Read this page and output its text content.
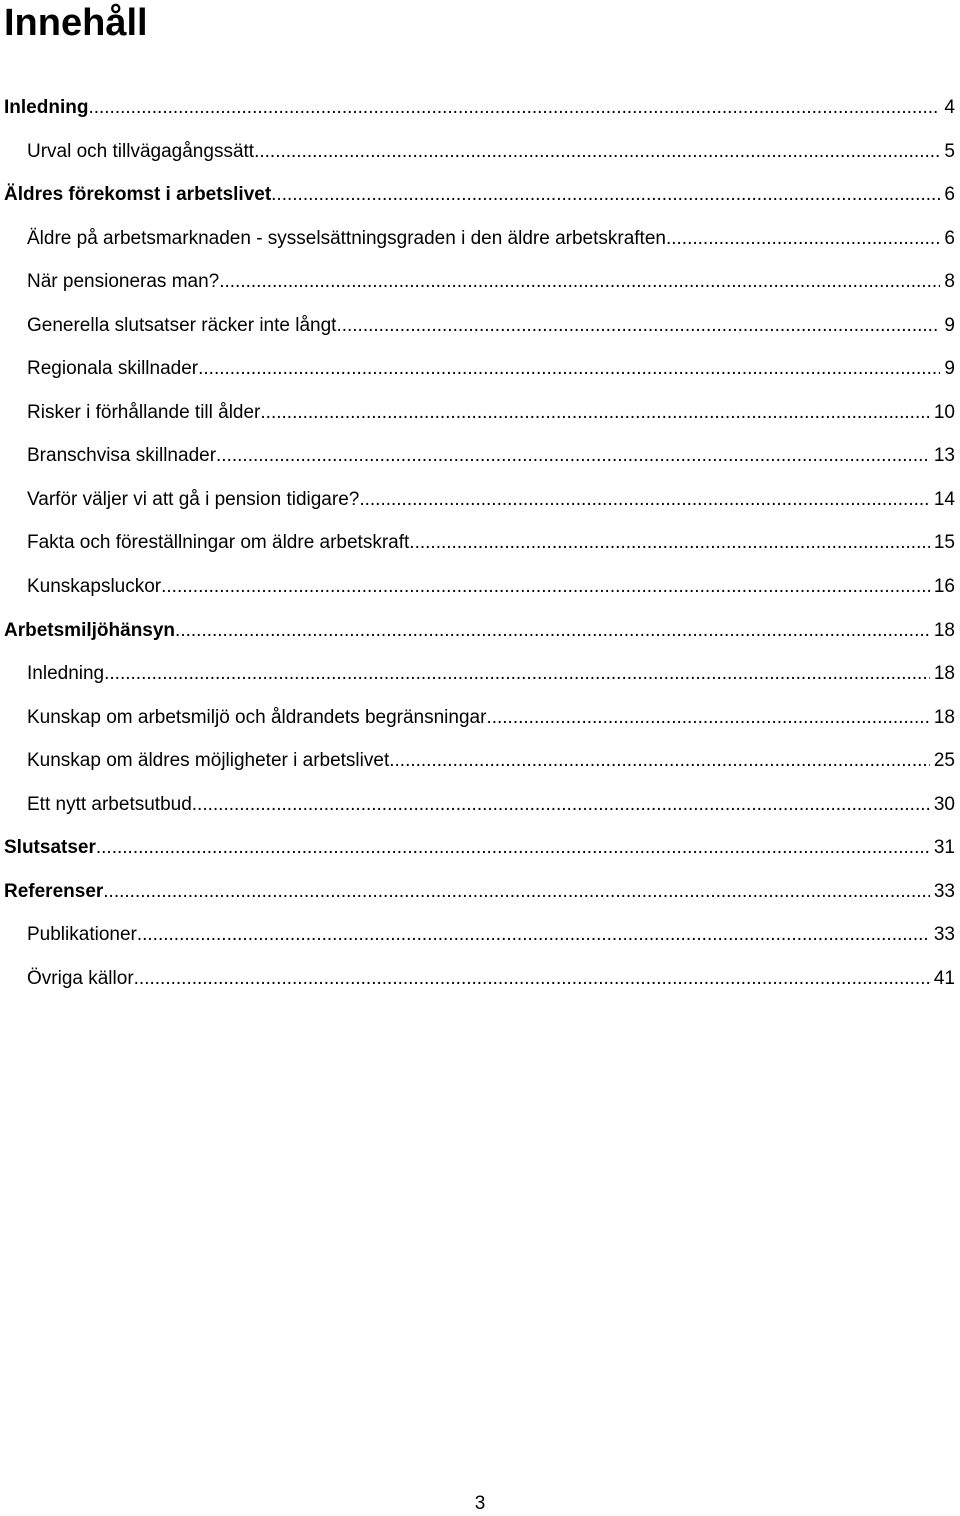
Innehåll
Inledning .....	4
Urval och tillvägagångssätt .....	5
Äldres förekomst i arbetslivet .....	6
Äldre på arbetsmarknaden - sysselsättningsgraden i den äldre arbetskraften .....	6
När pensioneras man? .....	8
Generella slutsatser räcker inte långt .....	9
Regionala skillnader .....	9
Risker i förhållande till ålder .....	10
Branschvisa skillnader .....	13
Varför väljer vi att gå i pension tidigare? .....	14
Fakta och föreställningar om äldre arbetskraft .....	15
Kunskapsluckor .....	16
Arbetsmiljöhänsyn .....	18
Inledning .....	18
Kunskap om arbetsmiljö och åldrandets begränsningar .....	18
Kunskap om äldres möjligheter i arbetslivet .....	25
Ett nytt arbetsutbud .....	30
Slutsatser .....	31
Referenser .....	33
Publikationer .....	33
Övriga källor .....	41
3
